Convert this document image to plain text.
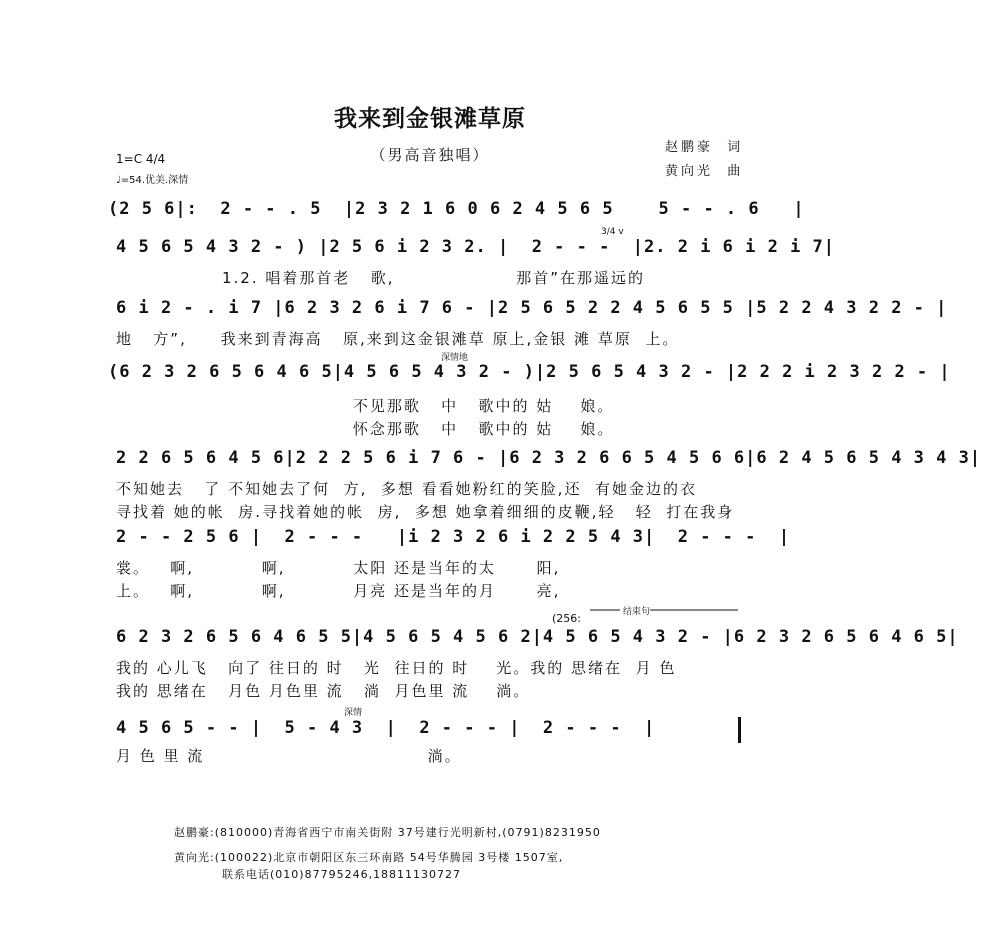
我来到金银滩草原
（男高音独唱）	赵鹏豪  词
黄向光  曲
1=C 4/4
♩=54.优美.深情
(2 5 6|:  2 - - . 5  |2 3 2 1 6 0 6 2 4 5 6 5    5 - - . 6   |
4 5 6 5 4 3 2 - ) |2 5 6 i 2 3 2. |  2 - - -  |2. 2 i 6 i 2 i 7|
1.2. 唱着那首老   歌,                  那首”在那遥远的
6 i 2 - . i 7 |6 2 3 2 6 i 7 6 - |2 5 6 5 2 2 4 5 6 5 5 |5 2 2 4 3 2 2 - |
地   方”,     我来到青海高   原,来到这金银滩草 原上,金银 滩 草原  上。
(6 2 3 2 6 5 6 4 6 5|4 5 6 5 4 3 2 - )|2 5 6 5 4 3 2 - |2 2 2 i 2 3 2 2 - |
不见那歌   中   歌中的 姑    娘。
怀念那歌   中   歌中的 姑    娘。
2 2 6 5 6 4 5 6|2 2 2 5 6 i 7 6 - |6 2 3 2 6 6 5 4 5 6 6|6 2 4 5 6 5 4 3 4 3|
不知她去   了 不知她去了何  方,  多想 看看她粉红的笑脸,还  有她金边的衣
寻找着 她的帐  房.寻找着她的帐  房,  多想 她拿着细细的皮鞭,轻   轻  打在我身
2 - - 2 5 6 |  2 - - -   |i 2 3 2 6 i 2 2 5 4 3|  2 - - -  |
裳。   啊,          啊,          太阳 还是当年的太      阳,
上。   啊,          啊,          月亮 还是当年的月      亮,
6 2 3 2 6 5 6 4 6 5 5|4 5 6 5 4 5 6 2|4 5 6 5 4 3 2 - |6 2 3 2 6 5 6 4 6 5|
我的 心儿飞   向了 往日的 时   光  往日的 时    光。我的 思绪在  月 色
我的 思绪在   月色 月色里 流   淌  月色里 流    淌。
4 5 6 5 - - |  5 - 4 3  |  2 - - - |  2 - - -  |
月 色 里 流                                 淌。
深情地
深情
3/4 v
(256:	结束句
赵鹏豪:(810000)青海省西宁市南关街附 37号建行光明新村,(0791)8231950
黄向光:(100022)北京市朝阳区东三环南路 54号华腾园 3号楼 1507室,
联系电话(010)87795246,18811130727
